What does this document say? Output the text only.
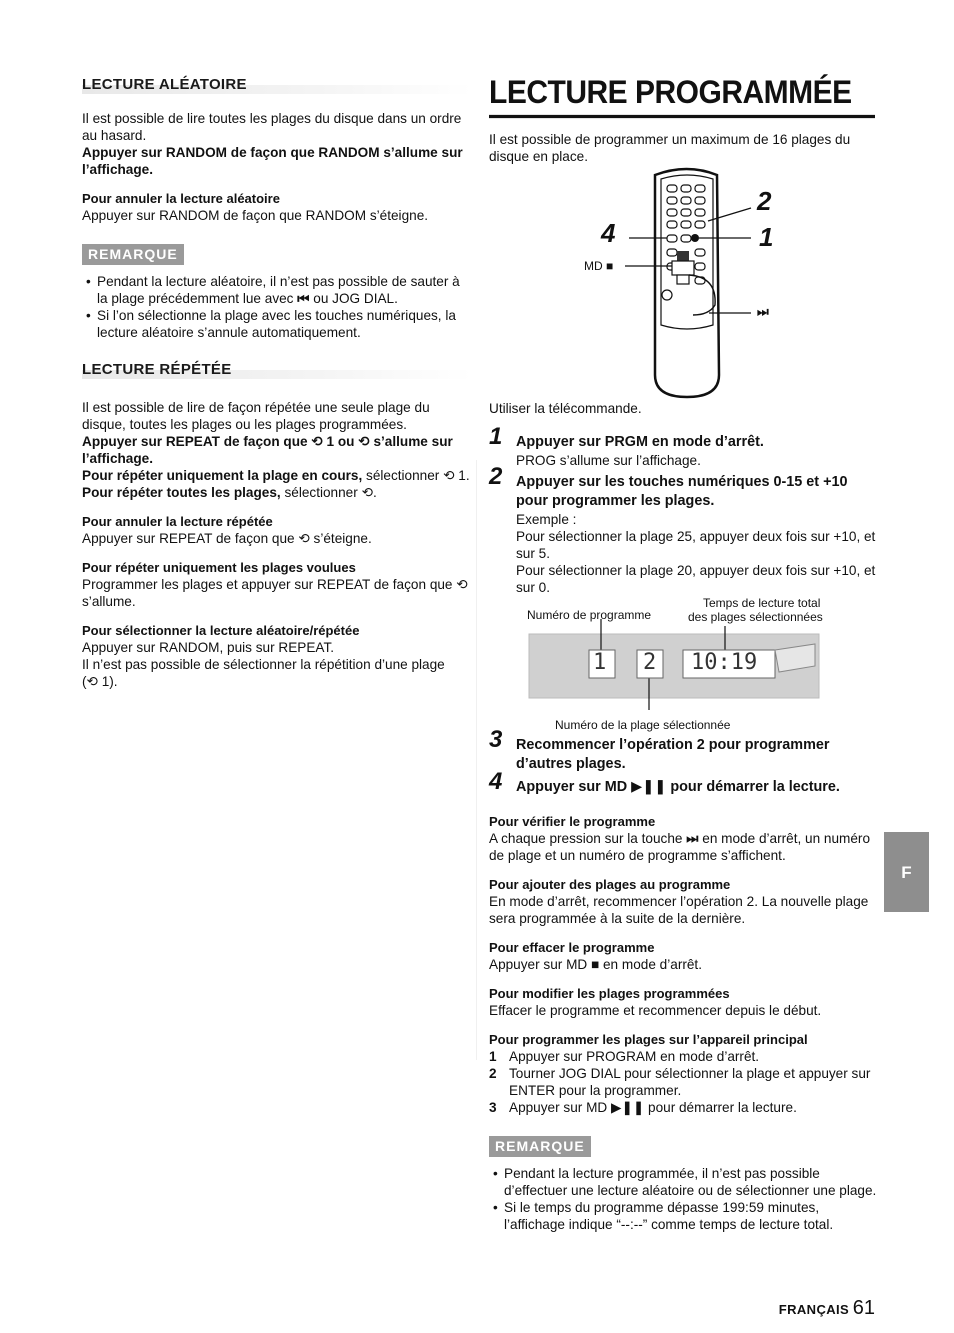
LECTURE ALÉATOIRE

Il est possible de lire toutes les plages du disque dans un ordre au hasard.

Appuyer sur RANDOM de façon que RANDOM s’allume sur l’affichage.

Pour annuler la lecture aléatoire

Appuyer sur RANDOM de façon que RANDOM s’éteigne.

REMARQUE
• Pendant la lecture aléatoire, il n’est pas possible de sauter à la plage précédemment lue avec ⏮ ou JOG DIAL.
• Si l’on sélectionne la plage avec les touches numériques, la lecture aléatoire s’annule automatiquement.
LECTURE RÉPÉTÉE

Il est possible de lire de façon répétée une seule plage du disque, toutes les plages ou les plages programmées.

Appuyer sur REPEAT de façon que ⟲ 1 ou ⟲ s’allume sur l’affichage.

Pour répéter uniquement la plage en cours, sélectionner ⟲ 1.

Pour répéter toutes les plages, sélectionner ⟲.

Pour annuler la lecture répétée

Appuyer sur REPEAT de façon que ⟲ s’éteigne.

Pour répéter uniquement les plages voulues

Programmer les plages et appuyer sur REPEAT de façon que ⟲ s’allume.

Pour sélectionner la lecture aléatoire/répétée

Appuyer sur RANDOM, puis sur REPEAT.

Il n’est pas possible de sélectionner la répétition d’une plage

(⟲ 1).

LECTURE PROGRAMMÉE

Il est possible de programmer un maximum de 16 plages du disque en place.

2
1
4
MD ■
⏭

Utiliser la télécommande.

1 Appuyer sur PRGM en mode d’arrêt.

PROG s’allume sur l’affichage.

2 Appuyer sur les touches numériques 0-15 et +10 pour programmer les plages.

Exemple :

Pour sélectionner la plage 25, appuyer deux fois sur +10, et sur 5.

Pour sélectionner la plage 20, appuyer deux fois sur +10, et sur 0.

Numéro de programme
Temps de lecture total
des plages sélectionnées
1 2 10:19
Numéro de la plage sélectionnée
3 Recommencer l’opération 2 pour programmer d’autres plages.

4 Appuyer sur MD ▶❚❚ pour démarrer la lecture.

Pour vérifier le programme

A chaque pression sur la touche ⏭ en mode d’arrêt, un numéro de plage et un numéro de programme s’affichent.

Pour ajouter des plages au programme

En mode d’arrêt, recommencer l’opération 2. La nouvelle plage sera programmée à la suite de la dernière.

Pour effacer le programme

Appuyer sur MD ■ en mode d’arrêt.

Pour modifier les plages programmées

Effacer le programme et recommencer depuis le début.

Pour programmer les plages sur l’appareil principal

1 Appuyer sur PROGRAM en mode d’arrêt.
2 Tourner JOG DIAL pour sélectionner la plage et appuyer sur ENTER pour la programmer.
3 Appuyer sur MD ▶❚❚ pour démarrer la lecture.
REMARQUE
• Pendant la lecture programmée, il n’est pas possible d’effectuer une lecture aléatoire ou de sélectionner une plage.
• Si le temps du programme dépasse 199:59 minutes, l’affichage indique “--:--” comme temps de lecture total.
F
FRANÇAIS 61
